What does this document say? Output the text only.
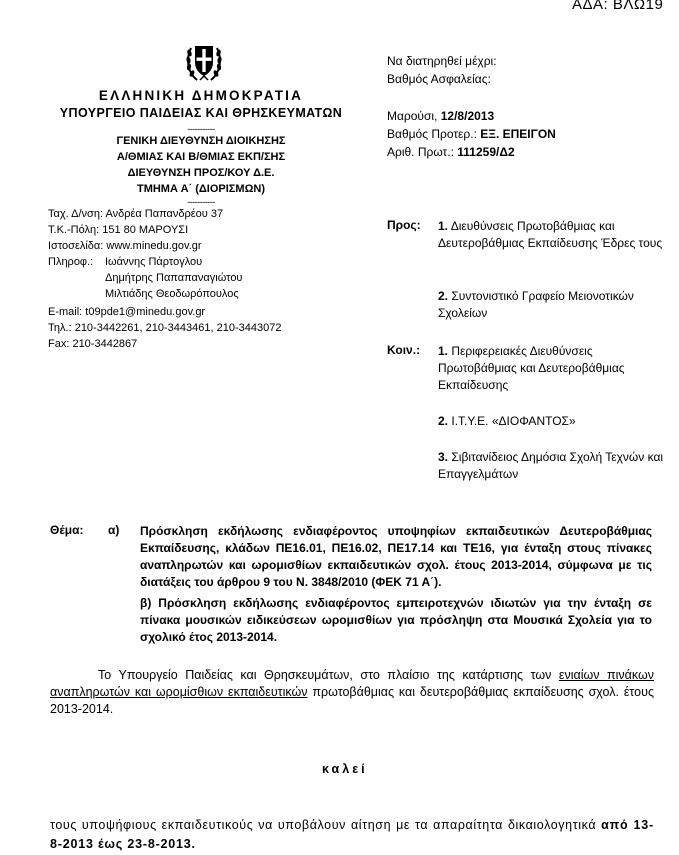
ΑΔΑ: ΒΛΩ19
ΕΛΛΗΝΙΚΗ ΔΗΜΟΚΡΑΤΙΑ
ΥΠΟΥΡΓΕΙΟ ΠΑΙΔΕΙΑΣ ΚΑΙ ΘΡΗΣΚΕΥΜΑΤΩΝ
-----------
ΓΕΝΙΚΗ ΔΙΕΥΘΥΝΣΗ ΔΙΟΙΚΗΣΗΣ
Α/ΘΜΙΑΣ ΚΑΙ Β/ΘΜΙΑΣ ΕΚΠ/ΣΗΣ
ΔΙΕΥΘΥΝΣΗ ΠΡΟΣ/ΚΟΥ Δ.Ε.
ΤΜΗΜΑ Α΄ (ΔΙΟΡΙΣΜΩΝ)
-----------
Ταχ. Δ/νση: Ανδρέα Παπανδρέου 37
Τ.Κ.-Πόλη: 151 80 ΜΑΡΟΥΣΙ
Ιστοσελίδα: www.minedu.gov.gr
Πληροφ.: Ιωάννης Πάρτογλου
Δημήτρης Παπαπαναγιώτου
Μιλτιάδης Θεοδωρόπουλος
E-mail: t09pde1@minedu.gov.gr
Τηλ.: 210-3442261, 210-3443461, 210-3443072
Fax: 210-3442867
Να διατηρηθεί μέχρι:
Βαθμός Ασφαλείας:
Μαρούσι, 12/8/2013
Βαθμός Προτερ.: ΕΞ. ΕΠΕΙΓΟΝ
Αριθ. Πρωτ.: 111259/Δ2
Προς: 1. Διευθύνσεις Πρωτοβάθμιας και Δευτεροβάθμιας Εκπαίδευσης Έδρες τους
2. Συντονιστικό Γραφείο Μειονοτικών Σχολείων
Κοιν.: 1. Περιφερειακές Διευθύνσεις Πρωτοβάθμιας και Δευτεροβάθμιας Εκπαίδευσης
2. Ι.Τ.Υ.Ε. «ΔΙΟΦΑΝΤΟΣ»
3. Σιβιτανίδειος Δημόσια Σχολή Τεχνών και Επαγγελμάτων
Θέμα: α) Πρόσκληση εκδήλωσης ενδιαφέροντος υποψηφίων εκπαιδευτικών Δευτεροβάθμιας Εκπαίδευσης, κλάδων ΠΕ16.01, ΠΕ16.02, ΠΕ17.14 και ΤΕ16, για ένταξη στους πίνακες αναπληρωτών και ωρομισθίων εκπαιδευτικών σχολ. έτους 2013-2014, σύμφωνα με τις διατάξεις του άρθρου 9 του Ν. 3848/2010 (ΦΕΚ 71 Α΄).
β) Πρόσκληση εκδήλωσης ενδιαφέροντος εμπειροτεχνών ιδιωτών για την ένταξη σε πίνακα μουσικών ειδικεύσεων ωρομισθίων για πρόσληψη στα Μουσικά Σχολεία για το σχολικό έτος 2013-2014.
Το Υπουργείο Παιδείας και Θρησκευμάτων, στο πλαίσιο της κατάρτισης των ενιαίων πινάκων αναπληρωτών και ωρομίσθιων εκπαιδευτικών πρωτοβάθμιας και δευτεροβάθμιας εκπαίδευσης σχολ. έτους 2013-2014.
καλεί
τους υποψήφιους εκπαιδευτικούς να υποβάλουν αίτηση με τα απαραίτητα δικαιολογητικά από 13-8-2013 έως 23-8-2013.
